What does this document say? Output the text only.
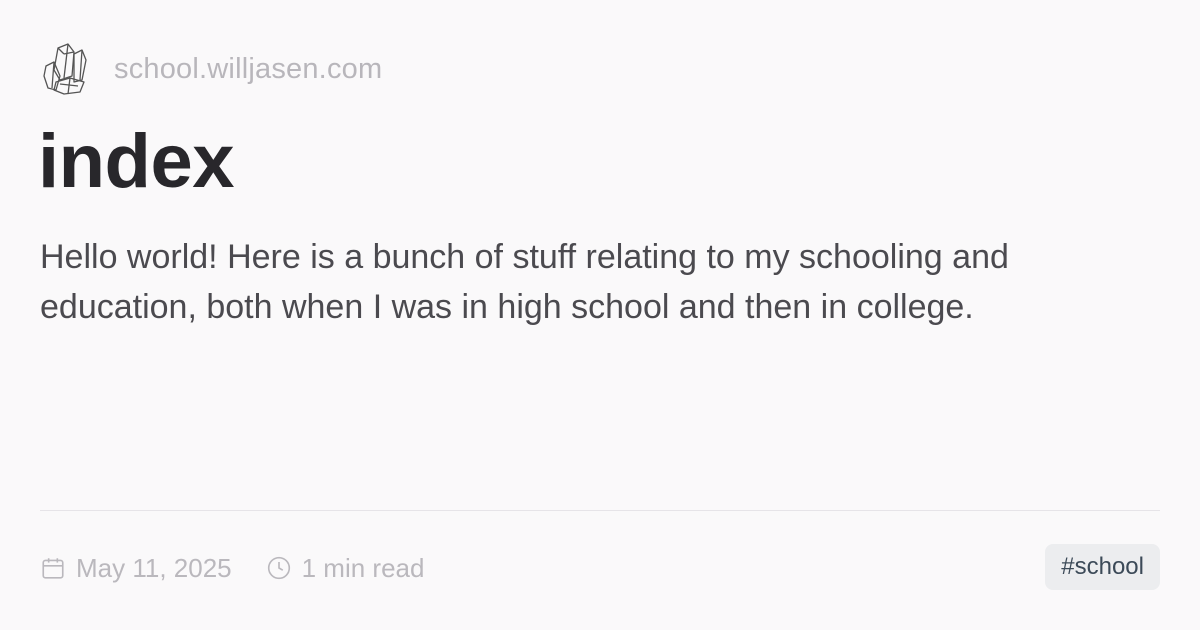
school.willjasen.com
index

Hello world! Here is a bunch of stuff relating to my schooling and education, both when I was in high school and then in college.

May 11, 2025	1 min read	#school
